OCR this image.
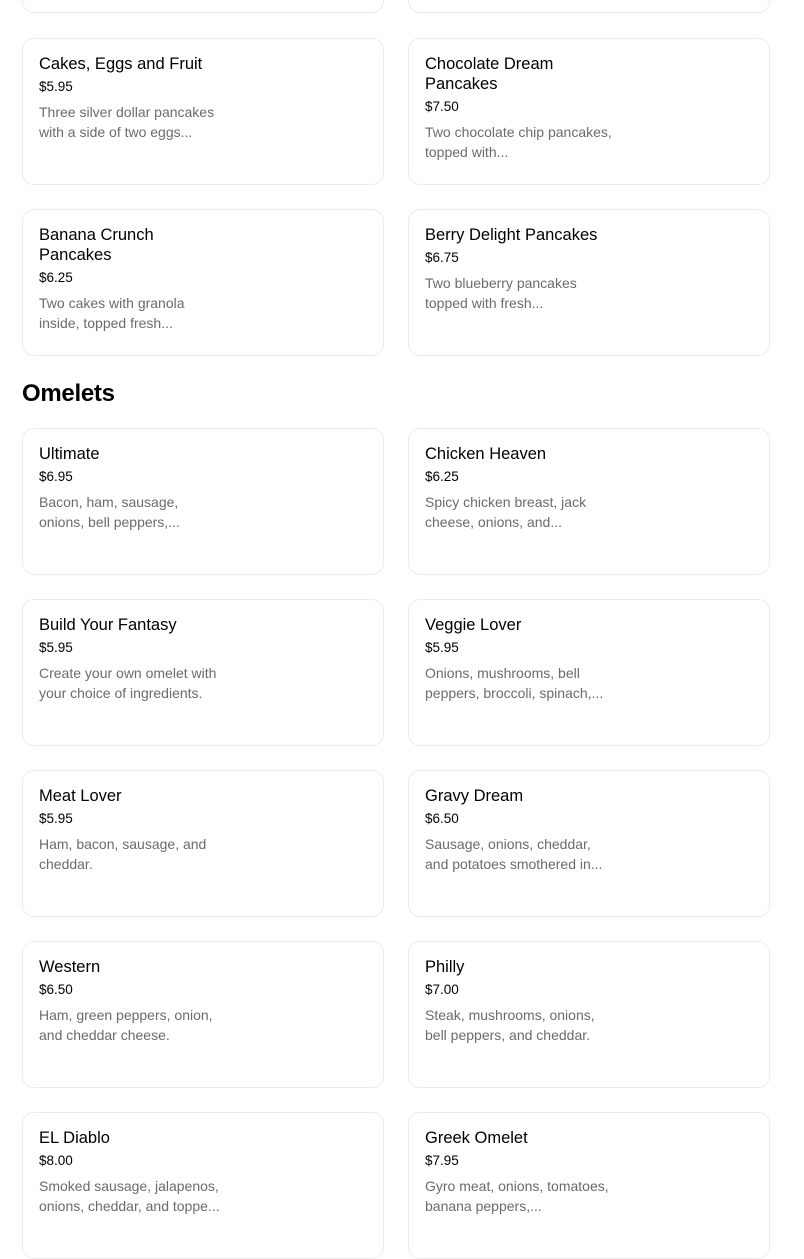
Cakes, Eggs and Fruit
$5.95
Three silver dollar pancakes with a side of two eggs...
Chocolate Dream Pancakes
$7.50
Two chocolate chip pancakes, topped with...
Banana Crunch Pancakes
$6.25
Two cakes with granola inside, topped fresh...
Berry Delight Pancakes
$6.75
Two blueberry pancakes topped with fresh...
Omelets
Ultimate
$6.95
Bacon, ham, sausage, onions, bell peppers,...
Chicken Heaven
$6.25
Spicy chicken breast, jack cheese, onions, and...
Build Your Fantasy
$5.95
Create your own omelet with your choice of ingredients.
Veggie Lover
$5.95
Onions, mushrooms, bell peppers, broccoli, spinach,...
Meat Lover
$5.95
Ham, bacon, sausage, and cheddar.
Gravy Dream
$6.50
Sausage, onions, cheddar, and potatoes smothered in...
Western
$6.50
Ham, green peppers, onion, and cheddar cheese.
Philly
$7.00
Steak, mushrooms, onions, bell peppers, and cheddar.
EL Diablo
$8.00
Smoked sausage, jalapenos, onions, cheddar, and toppe...
Greek Omelet
$7.95
Gyro meat, onions, tomatoes, banana peppers,...
